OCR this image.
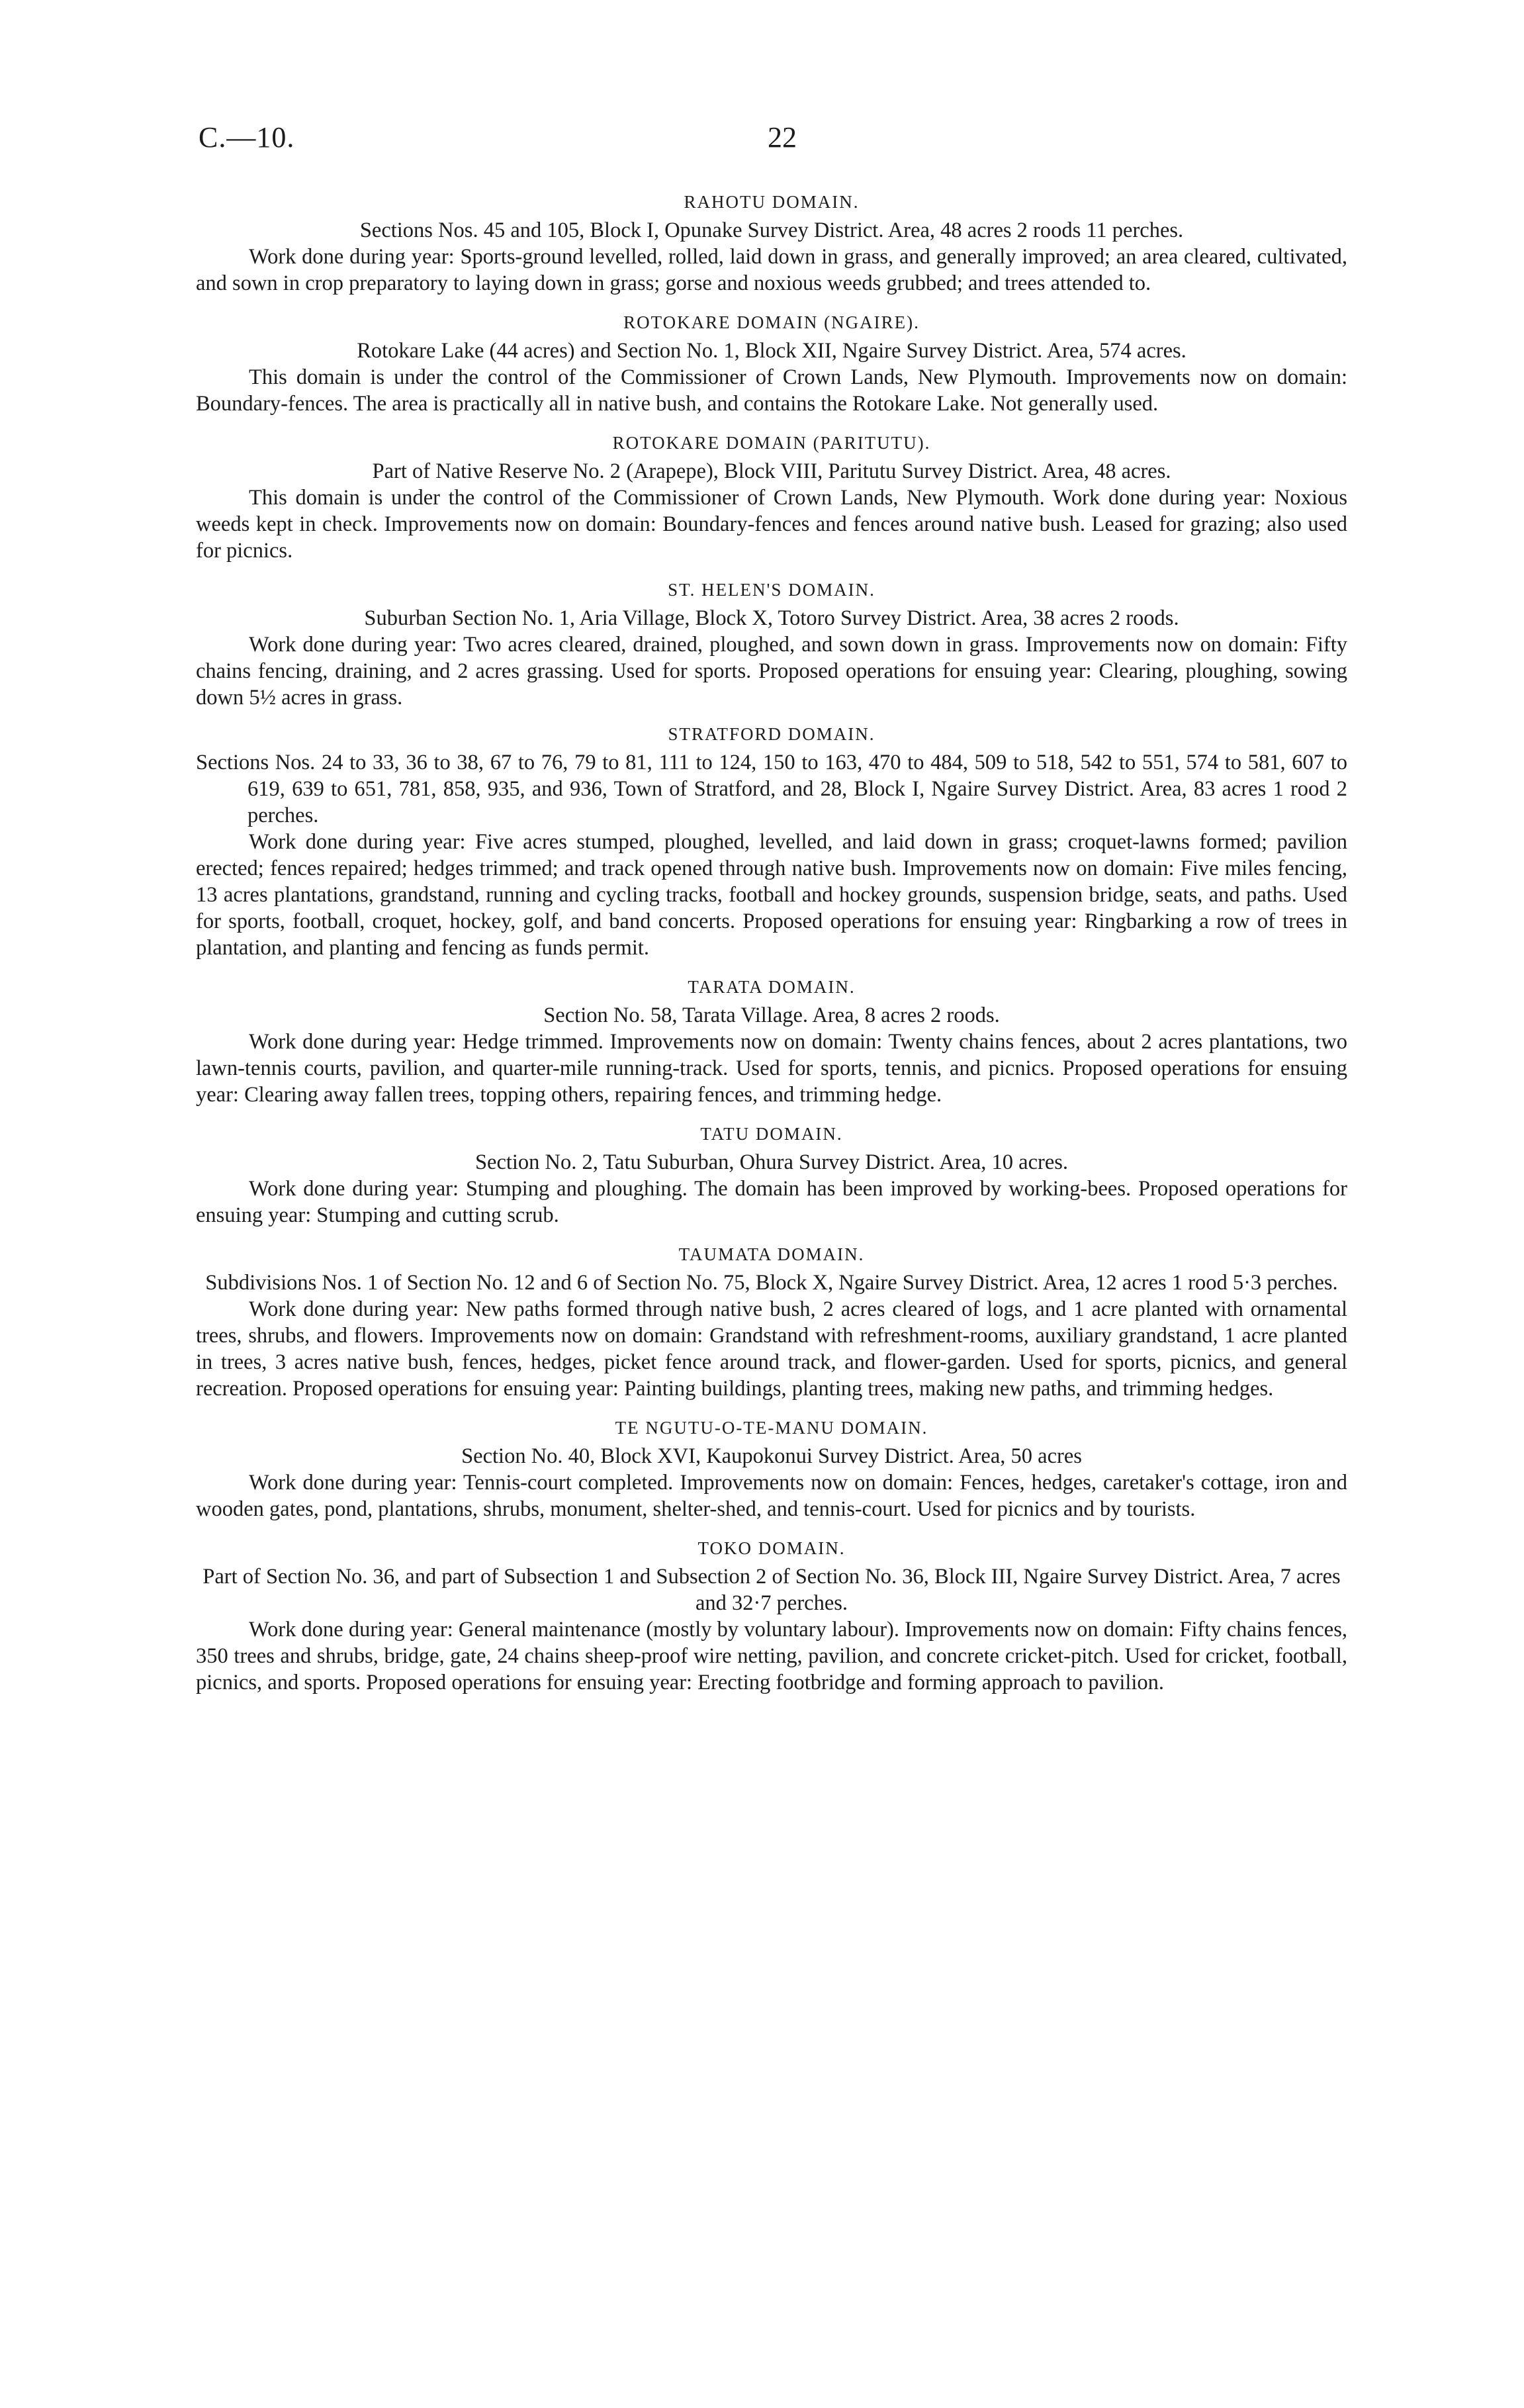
C.—10.	22
RAHOTU DOMAIN.

Sections Nos. 45 and 105, Block I, Opunake Survey District. Area, 48 acres 2 roods 11 perches.

Work done during year: Sports-ground levelled, rolled, laid down in grass, and generally improved; an area cleared, cultivated, and sown in crop preparatory to laying down in grass; gorse and noxious weeds grubbed; and trees attended to.

ROTOKARE DOMAIN (NGAIRE).

Rotokare Lake (44 acres) and Section No. 1, Block XII, Ngaire Survey District. Area, 574 acres.

This domain is under the control of the Commissioner of Crown Lands, New Plymouth. Improvements now on domain: Boundary-fences. The area is practically all in native bush, and contains the Rotokare Lake. Not generally used.

ROTOKARE DOMAIN (PARITUTU).

Part of Native Reserve No. 2 (Arapepe), Block VIII, Paritutu Survey District. Area, 48 acres.

This domain is under the control of the Commissioner of Crown Lands, New Plymouth. Work done during year: Noxious weeds kept in check. Improvements now on domain: Boundary-fences and fences around native bush. Leased for grazing; also used for picnics.

ST. HELEN'S DOMAIN.

Suburban Section No. 1, Aria Village, Block X, Totoro Survey District. Area, 38 acres 2 roods.

Work done during year: Two acres cleared, drained, ploughed, and sown down in grass. Improvements now on domain: Fifty chains fencing, draining, and 2 acres grassing. Used for sports. Proposed operations for ensuing year: Clearing, ploughing, sowing down 5½ acres in grass.

STRATFORD DOMAIN.

Sections Nos. 24 to 33, 36 to 38, 67 to 76, 79 to 81, 111 to 124, 150 to 163, 470 to 484, 509 to 518, 542 to 551, 574 to 581, 607 to 619, 639 to 651, 781, 858, 935, and 936, Town of Stratford, and 28, Block I, Ngaire Survey District. Area, 83 acres 1 rood 2 perches.

Work done during year: Five acres stumped, ploughed, levelled, and laid down in grass; croquet-lawns formed; pavilion erected; fences repaired; hedges trimmed; and track opened through native bush. Improvements now on domain: Five miles fencing, 13 acres plantations, grandstand, running and cycling tracks, football and hockey grounds, suspension bridge, seats, and paths. Used for sports, football, croquet, hockey, golf, and band concerts. Proposed operations for ensuing year: Ringbarking a row of trees in plantation, and planting and fencing as funds permit.

TARATA DOMAIN.

Section No. 58, Tarata Village. Area, 8 acres 2 roods.

Work done during year: Hedge trimmed. Improvements now on domain: Twenty chains fences, about 2 acres plantations, two lawn-tennis courts, pavilion, and quarter-mile running-track. Used for sports, tennis, and picnics. Proposed operations for ensuing year: Clearing away fallen trees, topping others, repairing fences, and trimming hedge.

TATU DOMAIN.

Section No. 2, Tatu Suburban, Ohura Survey District. Area, 10 acres.

Work done during year: Stumping and ploughing. The domain has been improved by working-bees. Proposed operations for ensuing year: Stumping and cutting scrub.

TAUMATA DOMAIN.

Subdivisions Nos. 1 of Section No. 12 and 6 of Section No. 75, Block X, Ngaire Survey District. Area, 12 acres 1 rood 5·3 perches.

Work done during year: New paths formed through native bush, 2 acres cleared of logs, and 1 acre planted with ornamental trees, shrubs, and flowers. Improvements now on domain: Grandstand with refreshment-rooms, auxiliary grandstand, 1 acre planted in trees, 3 acres native bush, fences, hedges, picket fence around track, and flower-garden. Used for sports, picnics, and general recreation. Proposed operations for ensuing year: Painting buildings, planting trees, making new paths, and trimming hedges.

TE NGUTU-O-TE-MANU DOMAIN.

Section No. 40, Block XVI, Kaupokonui Survey District. Area, 50 acres

Work done during year: Tennis-court completed. Improvements now on domain: Fences, hedges, caretaker's cottage, iron and wooden gates, pond, plantations, shrubs, monument, shelter-shed, and tennis-court. Used for picnics and by tourists.

TOKO DOMAIN.

Part of Section No. 36, and part of Subsection 1 and Subsection 2 of Section No. 36, Block III, Ngaire Survey District. Area, 7 acres and 32·7 perches.

Work done during year: General maintenance (mostly by voluntary labour). Improvements now on domain: Fifty chains fences, 350 trees and shrubs, bridge, gate, 24 chains sheep-proof wire netting, pavilion, and concrete cricket-pitch. Used for cricket, football, picnics, and sports. Proposed operations for ensuing year: Erecting footbridge and forming approach to pavilion.
